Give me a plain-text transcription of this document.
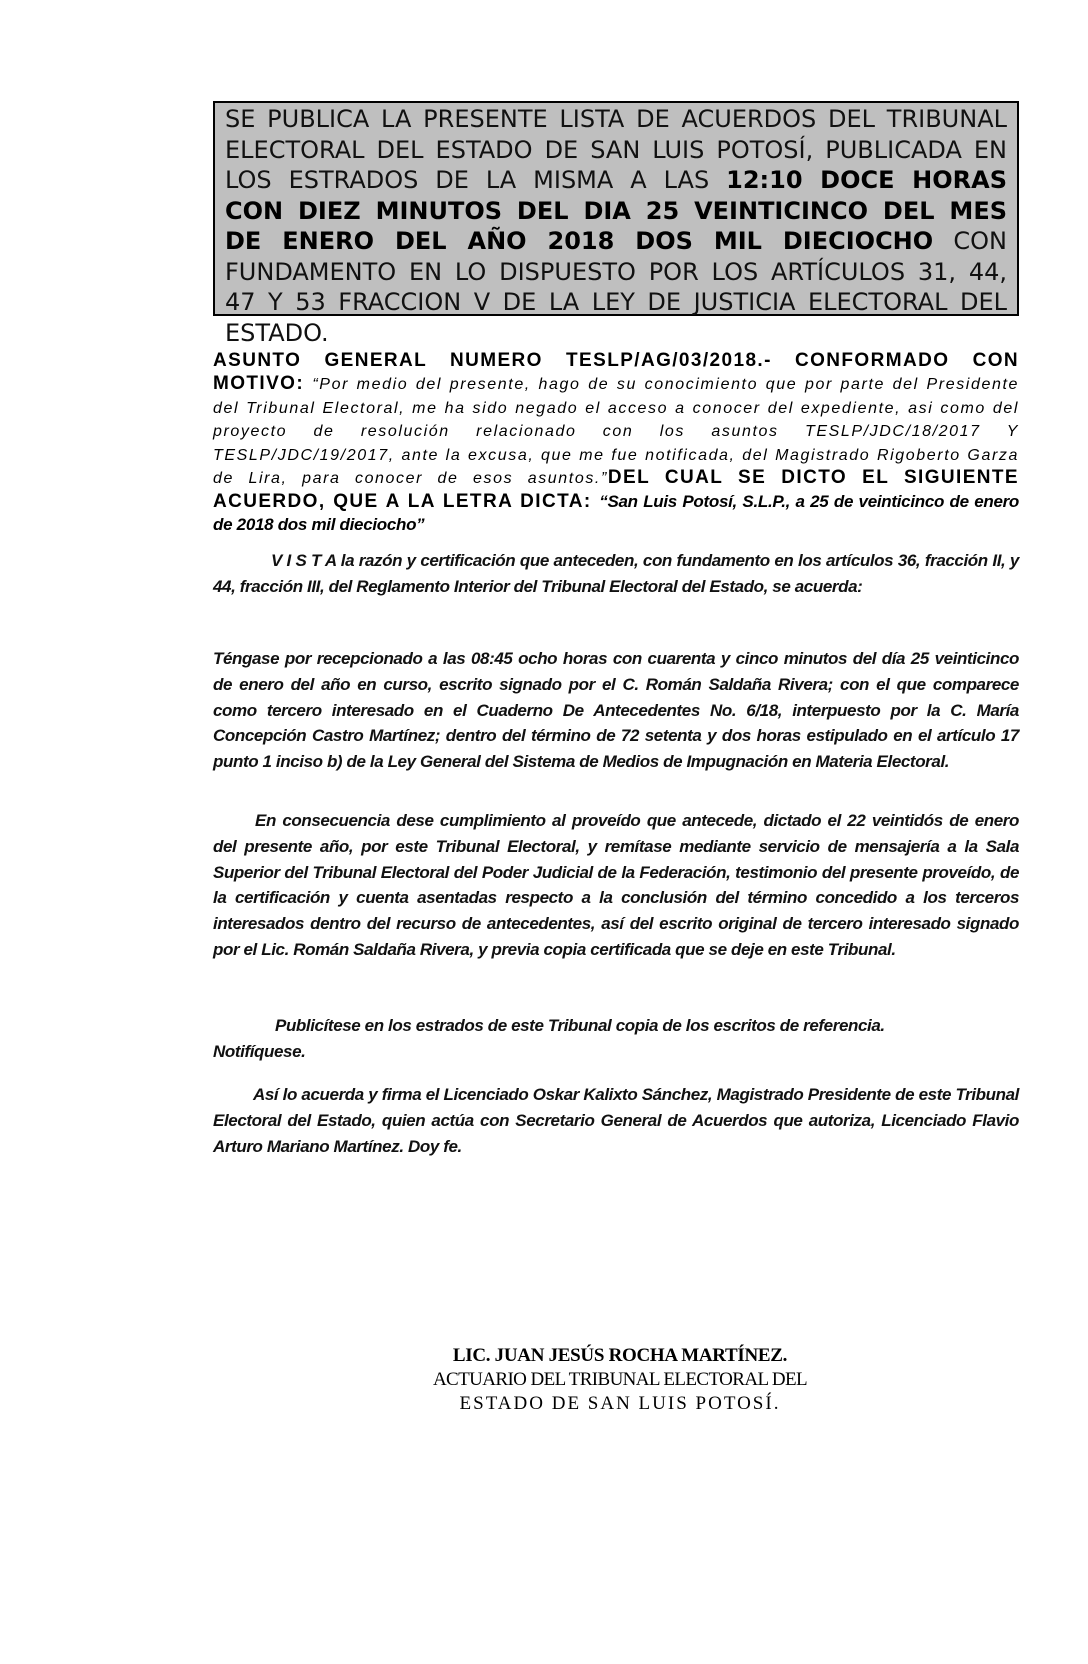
SE PUBLICA LA PRESENTE LISTA DE ACUERDOS DEL TRIBUNAL ELECTORAL DEL ESTADO DE SAN LUIS POTOSÍ, PUBLICADA EN LOS ESTRADOS DE LA MISMA A LAS 12:10 DOCE HORAS CON DIEZ MINUTOS DEL DIA 25 VEINTICINCO DEL MES DE ENERO DEL AÑO 2018 DOS MIL DIECIOCHO CON FUNDAMENTO EN LO DISPUESTO POR LOS ARTÍCULOS 31, 44, 47 Y 53 FRACCION V DE LA LEY DE JUSTICIA ELECTORAL DEL ESTADO.
ASUNTO GENERAL NUMERO TESLP/AG/03/2018.- CONFORMADO CON MOTIVO: “Por medio del presente, hago de su conocimiento que por parte del Presidente del Tribunal Electoral, me ha sido negado el acceso a conocer del expediente, asi como del proyecto de resolución relacionado con los asuntos TESLP/JDC/18/2017 Y TESLP/JDC/19/2017, ante la excusa, que me fue notificada, del Magistrado Rigoberto Garza de Lira, para conocer de esos asuntos.”DEL CUAL SE DICTO EL SIGUIENTE ACUERDO, QUE A LA LETRA DICTA: “San Luis Potosí, S.L.P., a 25 de veinticinco de enero de 2018 dos mil dieciocho”
V I S T A la razón y certificación que anteceden, con fundamento en los artículos 36, fracción II, y 44, fracción III, del Reglamento Interior del Tribunal Electoral del Estado, se acuerda:
Téngase por recepcionado a las 08:45 ocho horas con cuarenta y cinco minutos del día 25 veinticinco de enero del año en curso, escrito signado por el C. Román Saldaña Rivera; con el que comparece como tercero interesado en el Cuaderno De Antecedentes No. 6/18, interpuesto por la C. María Concepción Castro Martínez; dentro del término de 72 setenta y dos horas estipulado en el artículo 17 punto 1 inciso b) de la Ley General del Sistema de Medios de Impugnación en Materia Electoral.
En consecuencia dese cumplimiento al proveído que antecede, dictado el 22 veintidós de enero del presente año, por este Tribunal Electoral, y remítase mediante servicio de mensajería a la Sala Superior del Tribunal Electoral del Poder Judicial de la Federación, testimonio del presente proveído, de la certificación y cuenta asentadas respecto a la conclusión del término concedido a los terceros interesados dentro del recurso de antecedentes, así del escrito original de tercero interesado signado por el Lic. Román Saldaña Rivera, y previa copia certificada que se deje en este Tribunal.
Publicítese en los estrados de este Tribunal copia de los escritos de referencia.
Notifíquese.
Así lo acuerda y firma el Licenciado Oskar Kalixto Sánchez, Magistrado Presidente de este Tribunal Electoral del Estado, quien actúa con Secretario General de Acuerdos que autoriza, Licenciado Flavio Arturo Mariano Martínez. Doy fe.
LIC. JUAN JESÚS ROCHA MARTÍNEZ.
ACTUARIO DEL TRIBUNAL ELECTORAL DEL
ESTADO DE SAN LUIS POTOSÍ.
